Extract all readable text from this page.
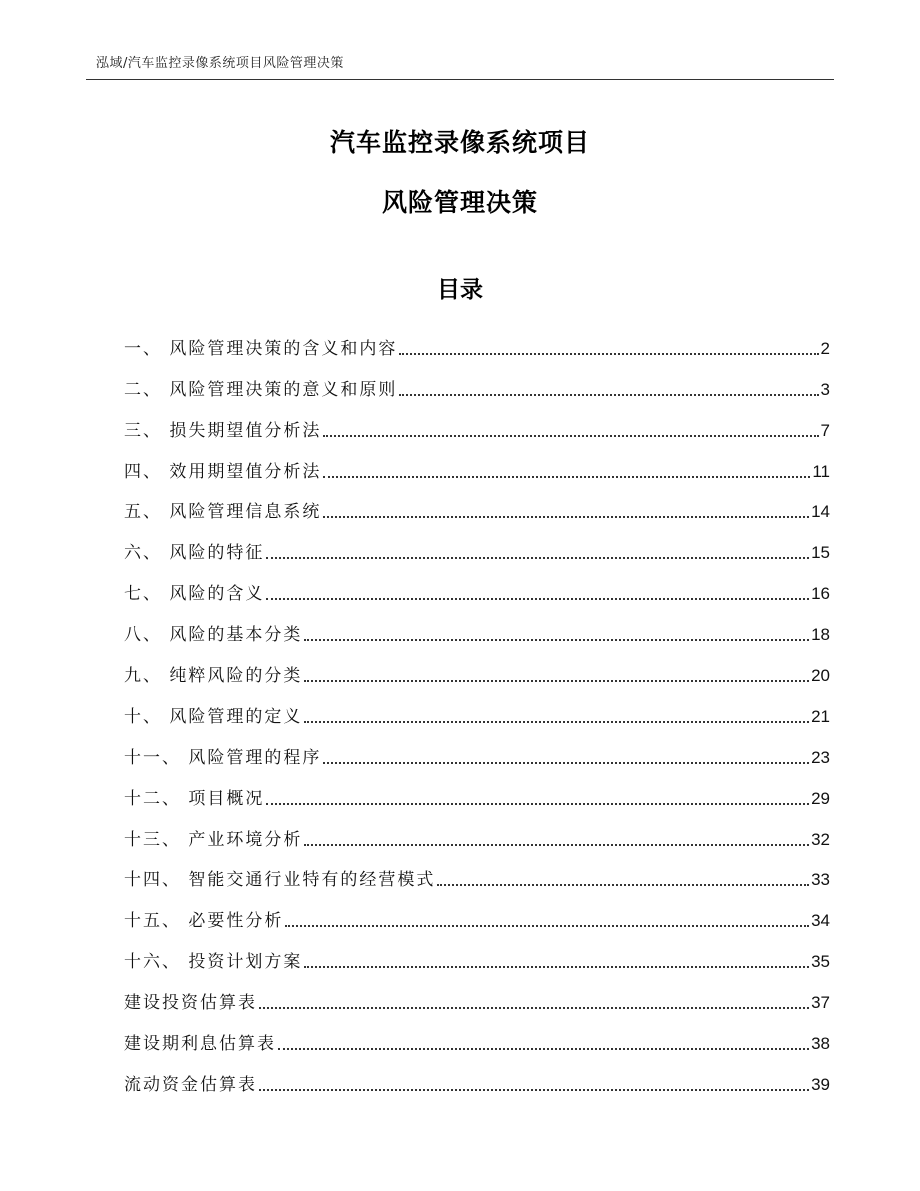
泓域/汽车监控录像系统项目风险管理决策
汽车监控录像系统项目
风险管理决策
目录
一、 风险管理决策的含义和内容	2
二、 风险管理决策的意义和原则	3
三、 损失期望值分析法	7
四、 效用期望值分析法	11
五、 风险管理信息系统	14
六、 风险的特征	15
七、 风险的含义	16
八、 风险的基本分类	18
九、 纯粹风险的分类	20
十、 风险管理的定义	21
十一、 风险管理的程序	23
十二、 项目概况	29
十三、 产业环境分析	32
十四、 智能交通行业特有的经营模式	33
十五、 必要性分析	34
十六、 投资计划方案	35
建设投资估算表	37
建设期利息估算表	38
流动资金估算表	39
